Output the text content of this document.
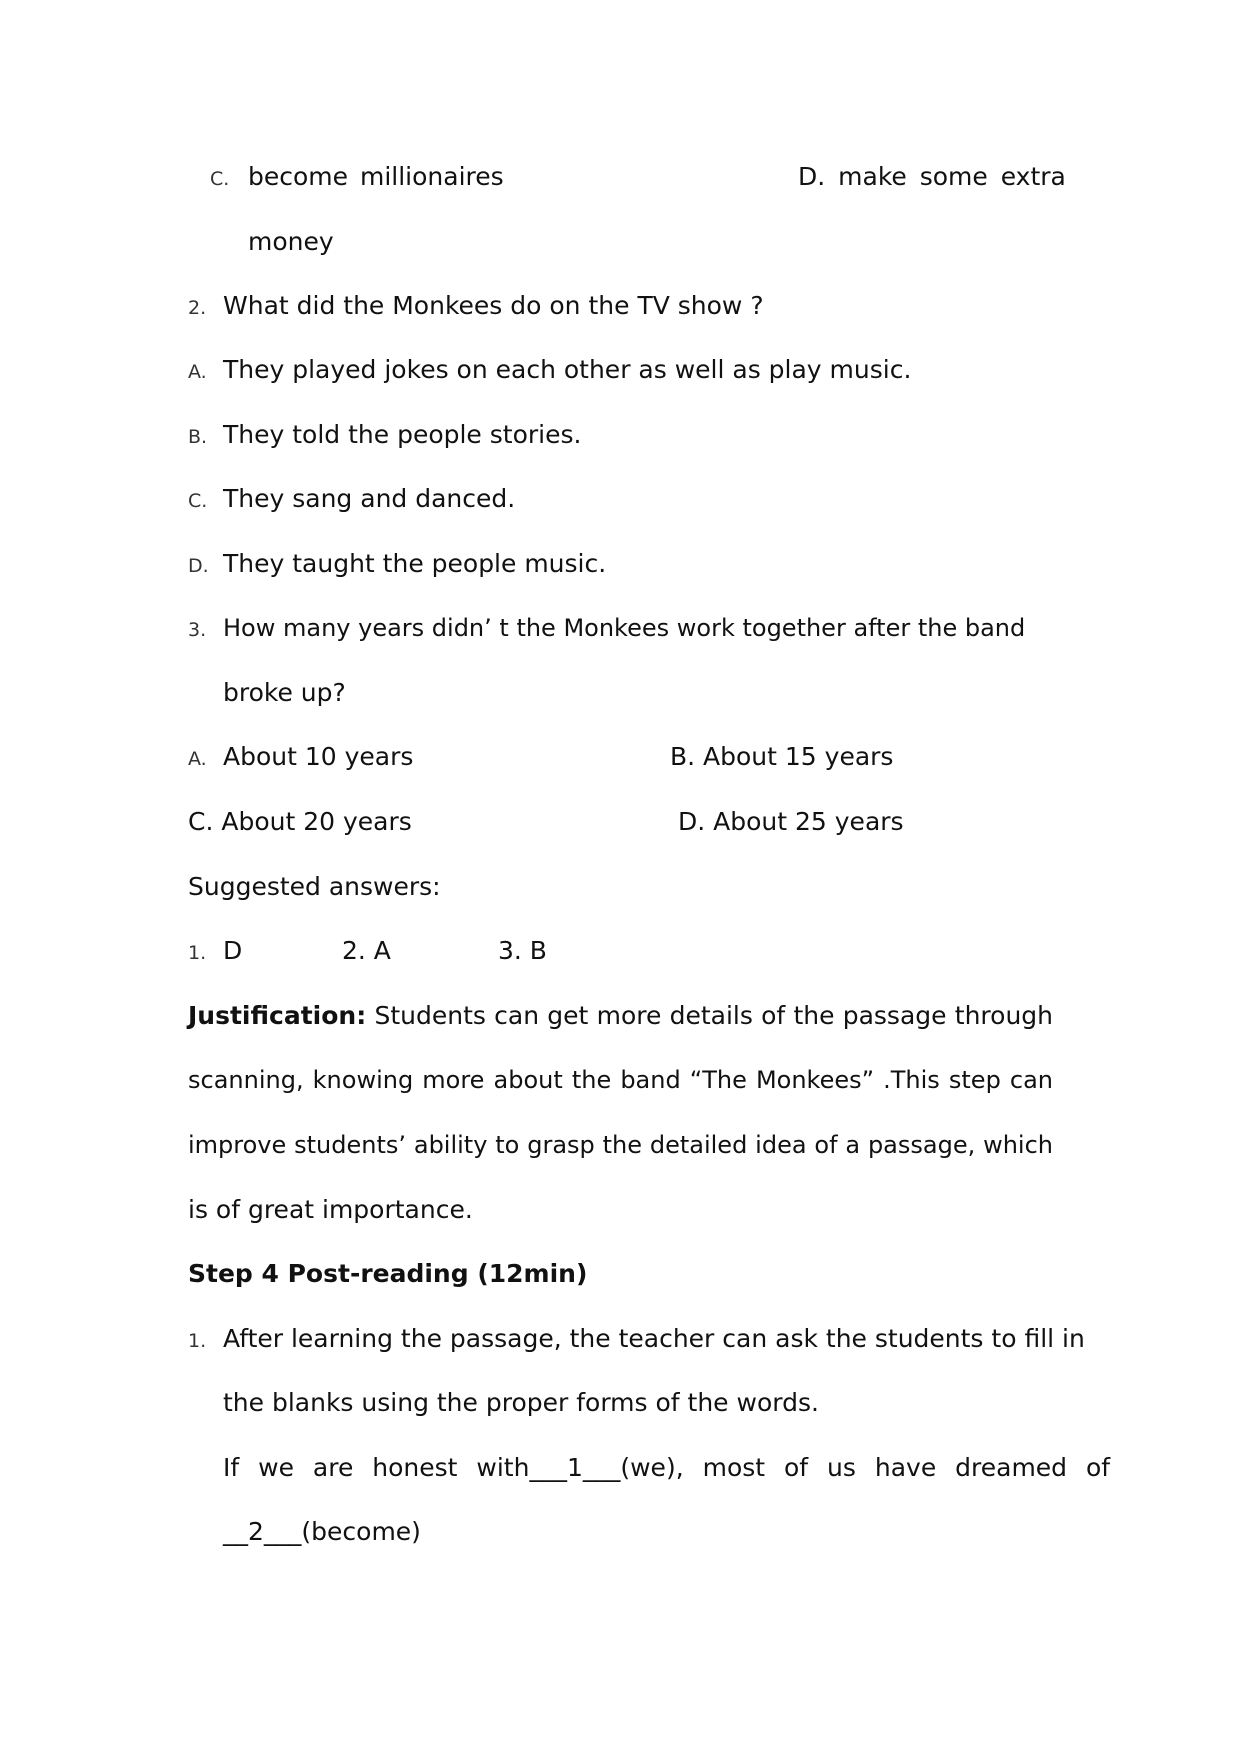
C. become millionaires	D. make some extra
money
2. What did the Monkees do on the TV show ?
A. They played jokes on each other as well as play music.
B. They told the people stories.
C. They sang and danced.
D. They taught the people music.
3. How many years didn’ t the Monkees work together after the band
broke up?
A. About 10 years	B. About 15 years
C. About 20 years	D. About 25 years
Suggested answers:
1. D	2. A	3. B
Justification: Students can get more details of the passage through
scanning, knowing more about the band “The Monkees” .This step can
improve students’ ability to grasp the detailed idea of a passage, which
is of great importance.
Step 4 Post-reading (12min)
1. After learning the passage, the teacher can ask the students to fill in
the blanks using the proper forms of the words.
If we are honest with___1___(we), most of us have dreamed of
__2___(become)
